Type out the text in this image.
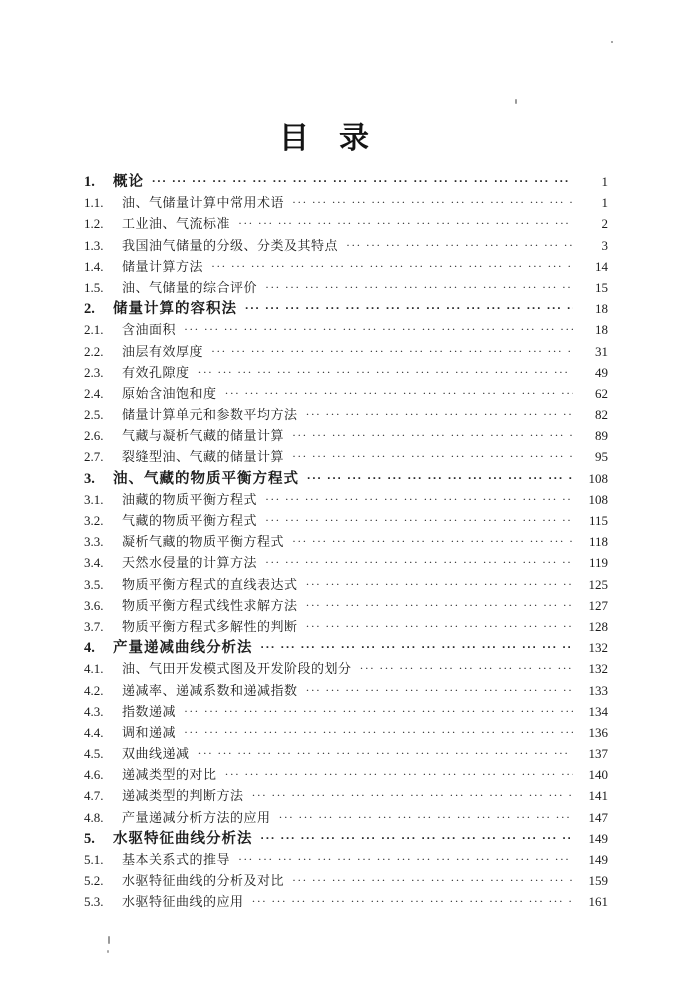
目　录
1.	概论 ··· ·	1
1.1.	油、气储量计算中常用术语 ··· ·	1
1.2.	工业油、气流标准 ··· ·	2
1.3.	我国油气储量的分级、分类及其特点 ··· ·	3
1.4.	储量计算方法 ··· ·	14
1.5.	油、气储量的综合评价 ··· ·	15
2.	储量计算的容积法 ··· ·	18
2.1.	含油面积 ··· ·	18
2.2.	油层有效厚度 ··· ·	31
2.3.	有效孔隙度 ··· ·	49
2.4.	原始含油饱和度 ··· ·	62
2.5.	储量计算单元和参数平均方法 ··· ·	82
2.6.	气藏与凝析气藏的储量计算 ··· ·	89
2.7.	裂缝型油、气藏的储量计算 ··· ·	95
3.	油、气藏的物质平衡方程式 ··· ·	108
3.1.	油藏的物质平衡方程式 ··· ·	108
3.2.	气藏的物质平衡方程式 ··· ·	115
3.3.	凝析气藏的物质平衡方程式 ··· ·	118
3.4.	天然水侵量的计算方法 ··· ·	119
3.5.	物质平衡方程式的直线表达式 ··· ·	125
3.6.	物质平衡方程式线性求解方法 ··· ·	127
3.7.	物质平衡方程式多解性的判断 ··· ·	128
4.	产量递减曲线分析法 ··· ·	132
4.1.	油、气田开发模式图及开发阶段的划分 ··· ·	132
4.2.	递减率、递减系数和递减指数 ··· ·	133
4.3.	指数递减 ··· ·	134
4.4.	调和递减 ··· ·	136
4.5.	双曲线递减 ··· ·	137
4.6.	递减类型的对比 ··· ·	140
4.7.	递减类型的判断方法 ··· ·	141
4.8.	产量递减分析方法的应用 ··· ·	147
5.	水驱特征曲线分析法 ··· ·	149
5.1.	基本关系式的推导 ··· ·	149
5.2.	水驱特征曲线的分析及对比 ··· ·	159
5.3.	水驱特征曲线的应用 ··· ·	161
